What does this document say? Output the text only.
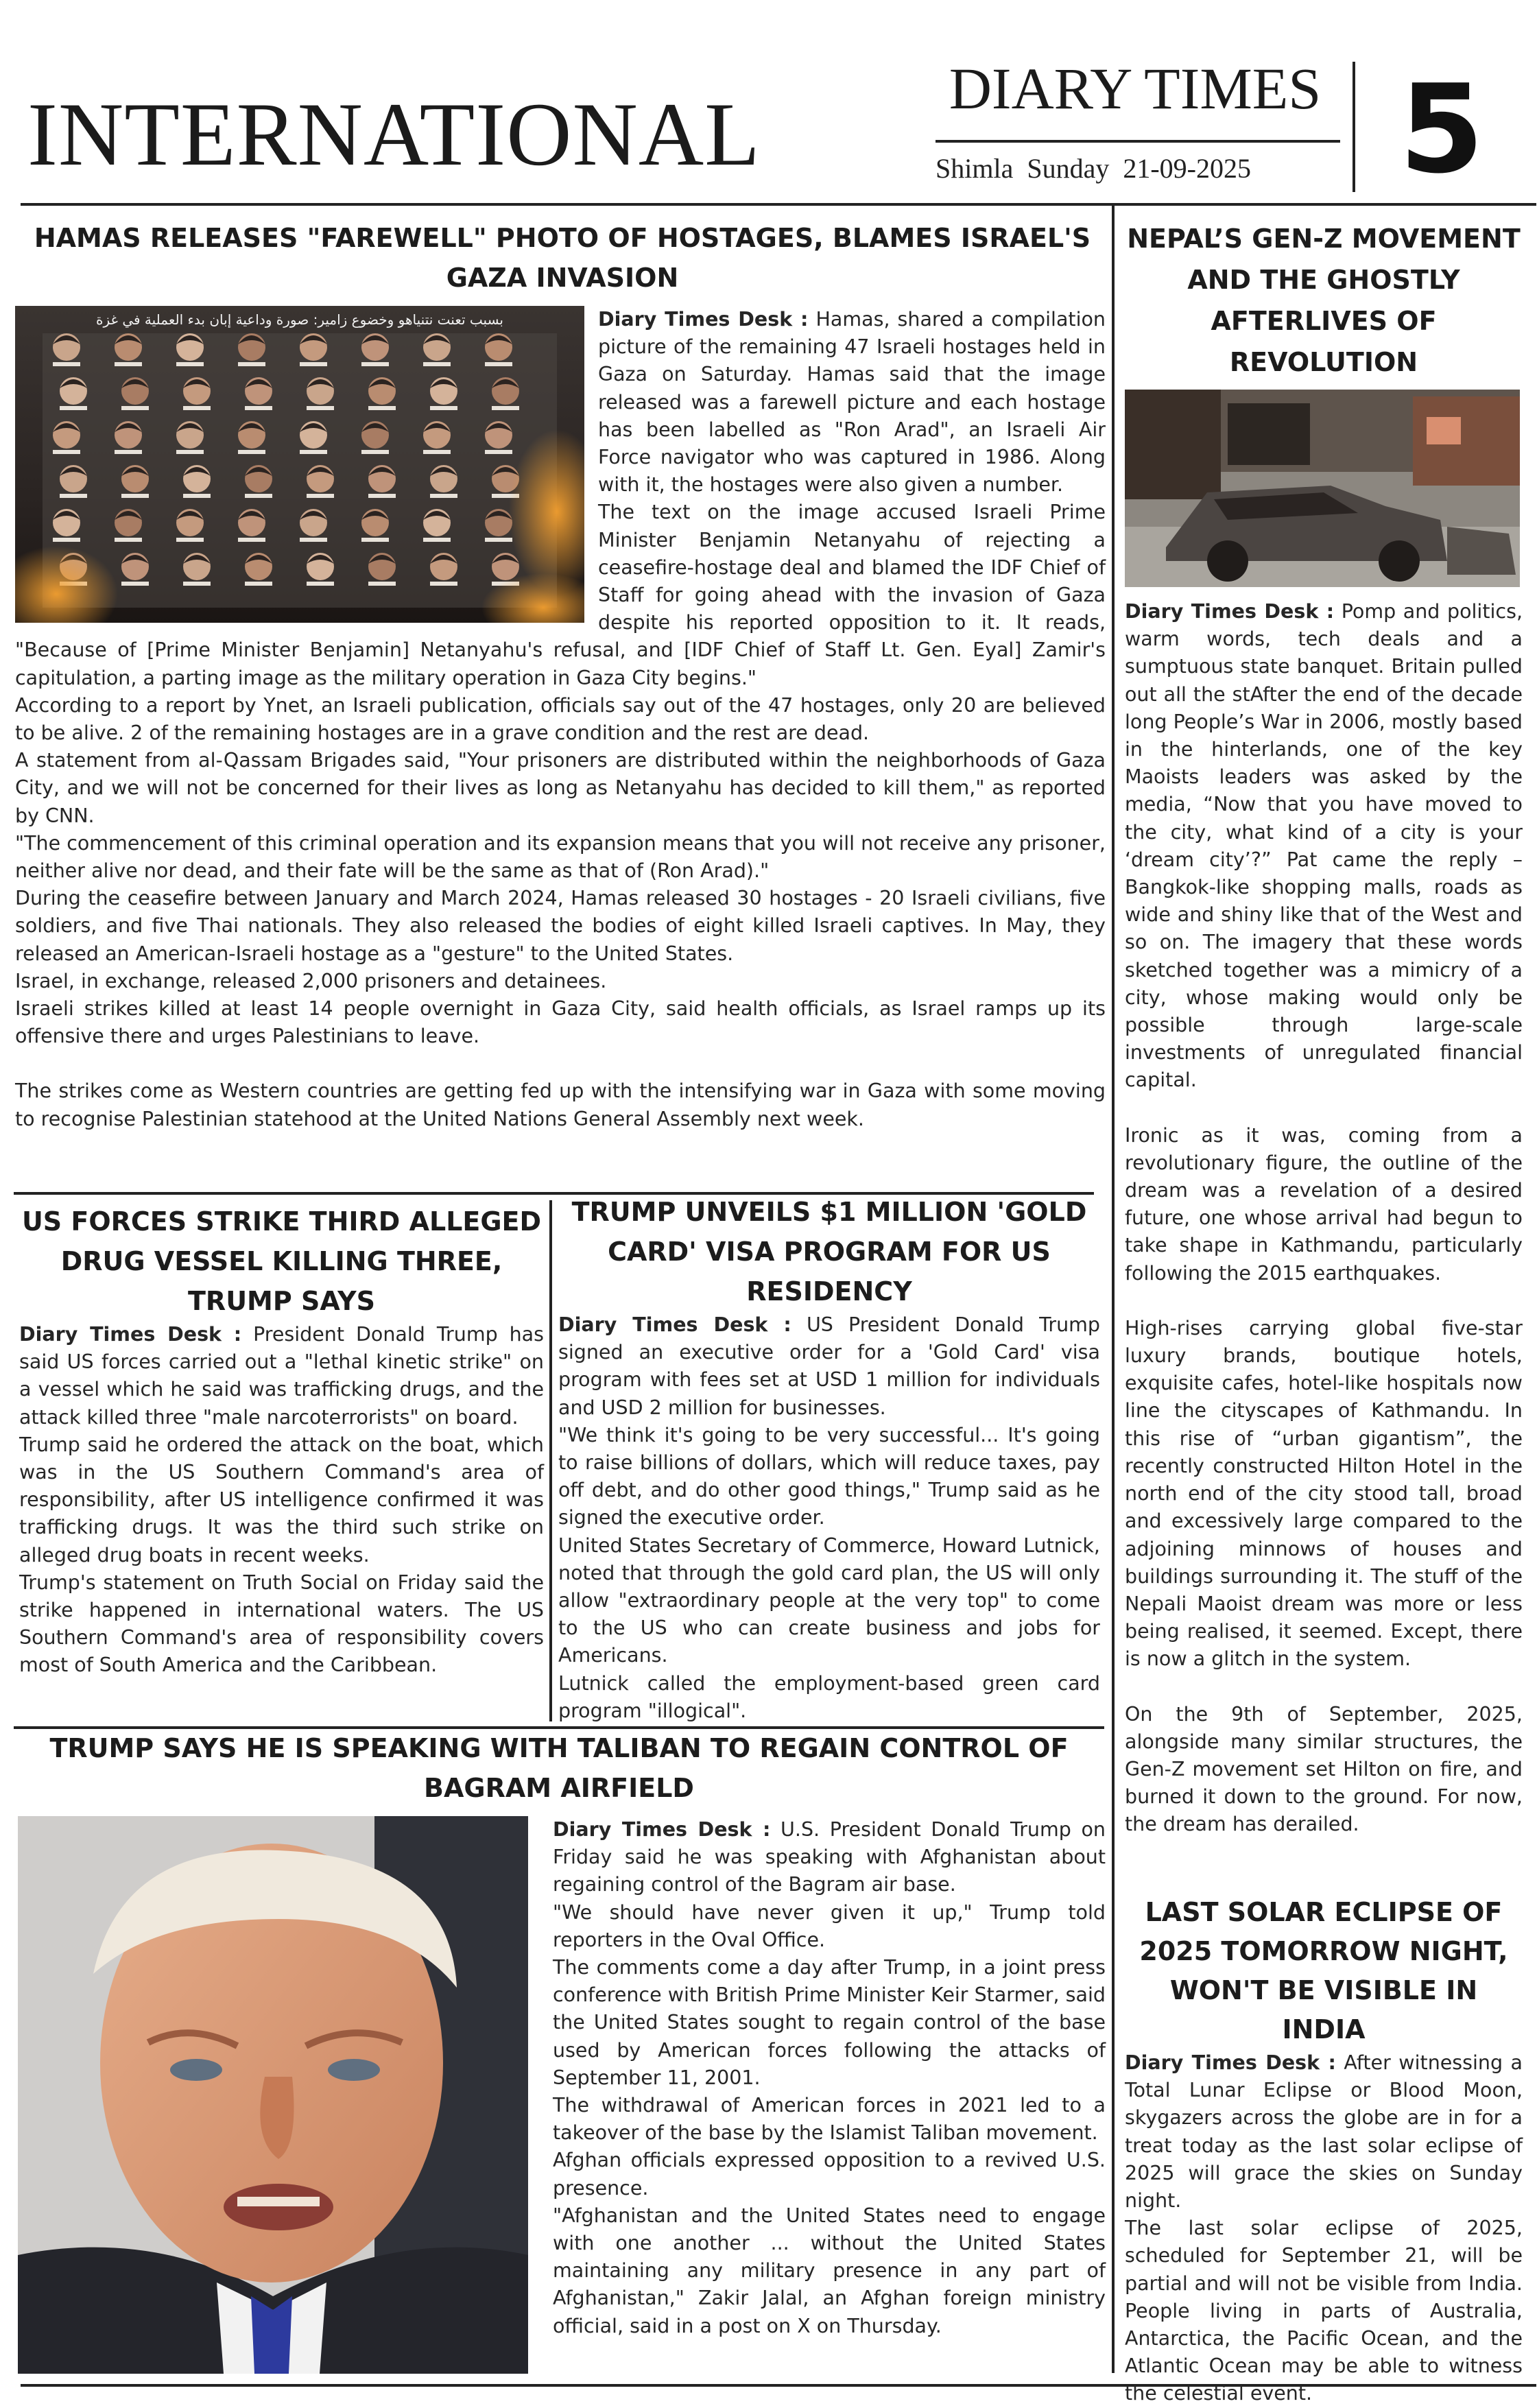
INTERNATIONAL	DIARY TIMES
Shimla  Sunday  21-09-2025 5
HAMAS RELEASES "FAREWELL" PHOTO OF HOSTAGES, BLAMES ISRAEL'S GAZA INVASION
بسبب تعنت نتنياهو وخضوع زامير: صورة وداعية إبان بدء العملية في غزة	Diary Times Desk : Hamas, shared a compilation picture of the remaining 47 Israeli hostages held in Gaza on Saturday. Hamas said that the image released was a farewell picture and each hostage has been labelled as "Ron Arad", an Israeli Air Force navigator who was captured in 1986. Along with it, the hostages were also given a number.

The text on the image accused Israeli Prime Minister Benjamin Netanyahu of rejecting a ceasefire-hostage deal and blamed the IDF Chief of Staff for going ahead with the invasion of Gaza despite his reported opposition to it. It reads, "Because of [Prime Minister Benjamin] Netanyahu's refusal, and [IDF Chief of Staff Lt. Gen. Eyal] Zamir's capitulation, a parting image as the military operation in Gaza City begins."

According to a report by Ynet, an Israeli publication, officials say out of the 47 hostages, only 20 are believed to be alive. 2 of the remaining hostages are in a grave condition and the rest are dead.

A statement from al-Qassam Brigades said, "Your prisoners are distributed within the neighborhoods of Gaza City, and we will not be concerned for their lives as long as Netanyahu has decided to kill them," as reported by CNN.

"The commencement of this criminal operation and its expansion means that you will not receive any prisoner, neither alive nor dead, and their fate will be the same as that of (Ron Arad)."

During the ceasefire between January and March 2024, Hamas released 30 hostages - 20 Israeli civilians, five soldiers, and five Thai nationals. They also released the bodies of eight killed Israeli captives. In May, they released an American-Israeli hostage as a "gesture" to the United States.

Israel, in exchange, released 2,000 prisoners and detainees.

Israeli strikes killed at least 14 people overnight in Gaza City, said health officials, as Israel ramps up its offensive there and urges Palestinians to leave.

The strikes come as Western countries are getting fed up with the intensifying war in Gaza with some moving to recognise Palestinian statehood at the United Nations General Assembly next week.

NEPAL’S GEN-Z MOVEMENT AND THE GHOSTLY AFTERLIVES OF REVOLUTION

Diary Times Desk : Pomp and politics, warm words, tech deals and a sumptuous state banquet. Britain pulled out all the stAfter the end of the decade long People’s War in 2006, mostly based in the hinterlands, one of the key Maoists leaders was asked by the media, “Now that you have moved to the city, what kind of a city is your ‘dream city’?” Pat came the reply – Bangkok-like shopping malls, roads as wide and shiny like that of the West and so on. The imagery that these words sketched together was a mimicry of a city, whose making would only be possible through large-scale investments of unregulated financial capital.

Ironic as it was, coming from a revolutionary figure, the outline of the dream was a revelation of a desired future, one whose arrival had begun to take shape in Kathmandu, particularly following the 2015 earthquakes.

High-rises carrying global five-star luxury brands, boutique hotels, exquisite cafes, hotel-like hospitals now line the cityscapes of Kathmandu. In this rise of “urban gigantism”, the recently constructed Hilton Hotel in the north end of the city stood tall, broad and excessively large compared to the adjoining minnows of houses and buildings surrounding it. The stuff of the Nepali Maoist dream was more or less being realised, it seemed. Except, there is now a glitch in the system.

On the 9th of September, 2025, alongside many similar structures, the Gen-Z movement set Hilton on fire, and burned it down to the ground. For now, the dream has derailed.

LAST SOLAR ECLIPSE OF 2025 TOMORROW NIGHT, WON'T BE VISIBLE IN INDIA

Diary Times Desk : After witnessing a Total Lunar Eclipse or Blood Moon, skygazers across the globe are in for a treat today as the last solar eclipse of 2025 will grace the skies on Sunday night.

The last solar eclipse of 2025, scheduled for September 21, will be partial and will not be visible from India. People living in parts of Australia, Antarctica, the Pacific Ocean, and the Atlantic Ocean may be able to witness the celestial event.

US FORCES STRIKE THIRD ALLEGED DRUG VESSEL KILLING THREE, TRUMP SAYS

Diary Times Desk : President Donald Trump has said US forces carried out a "lethal kinetic strike" on a vessel which he said was trafficking drugs, and the attack killed three "male narcoterrorists" on board.

Trump said he ordered the attack on the boat, which was in the US Southern Command's area of responsibility, after US intelligence confirmed it was trafficking drugs. It was the third such strike on alleged drug boats in recent weeks.

Trump's statement on Truth Social on Friday said the strike happened in international waters. The US Southern Command's area of responsibility covers most of South America and the Caribbean.

TRUMP UNVEILS $1 MILLION 'GOLD CARD' VISA PROGRAM FOR US RESIDENCY

Diary Times Desk : US President Donald Trump signed an executive order for a 'Gold Card' visa program with fees set at USD 1 million for individuals and USD 2 million for businesses.

"We think it's going to be very successful... It's going to raise billions of dollars, which will reduce taxes, pay off debt, and do other good things," Trump said as he signed the executive order.

United States Secretary of Commerce, Howard Lutnick, noted that through the gold card plan, the US will only allow "extraordinary people at the very top" to come to the US who can create business and jobs for Americans.

Lutnick called the employment-based green card program "illogical".

TRUMP SAYS HE IS SPEAKING WITH TALIBAN TO REGAIN CONTROL OF BAGRAM AIRFIELD

Diary Times Desk : U.S. President Donald Trump on Friday said he was speaking with Afghanistan about regaining control of the Bagram air base.

"We should have never given it up," Trump told reporters in the Oval Office.

The comments come a day after Trump, in a joint press conference with British Prime Minister Keir Starmer, said the United States sought to regain control of the base used by American forces following the attacks of September 11, 2001.

The withdrawal of American forces in 2021 led to a takeover of the base by the Islamist Taliban movement.

Afghan officials expressed opposition to a revived U.S. presence.

"Afghanistan and the United States need to engage with one another ... without the United States maintaining any military presence in any part of Afghanistan," Zakir Jalal, an Afghan foreign ministry official, said in a post on X on Thursday.
